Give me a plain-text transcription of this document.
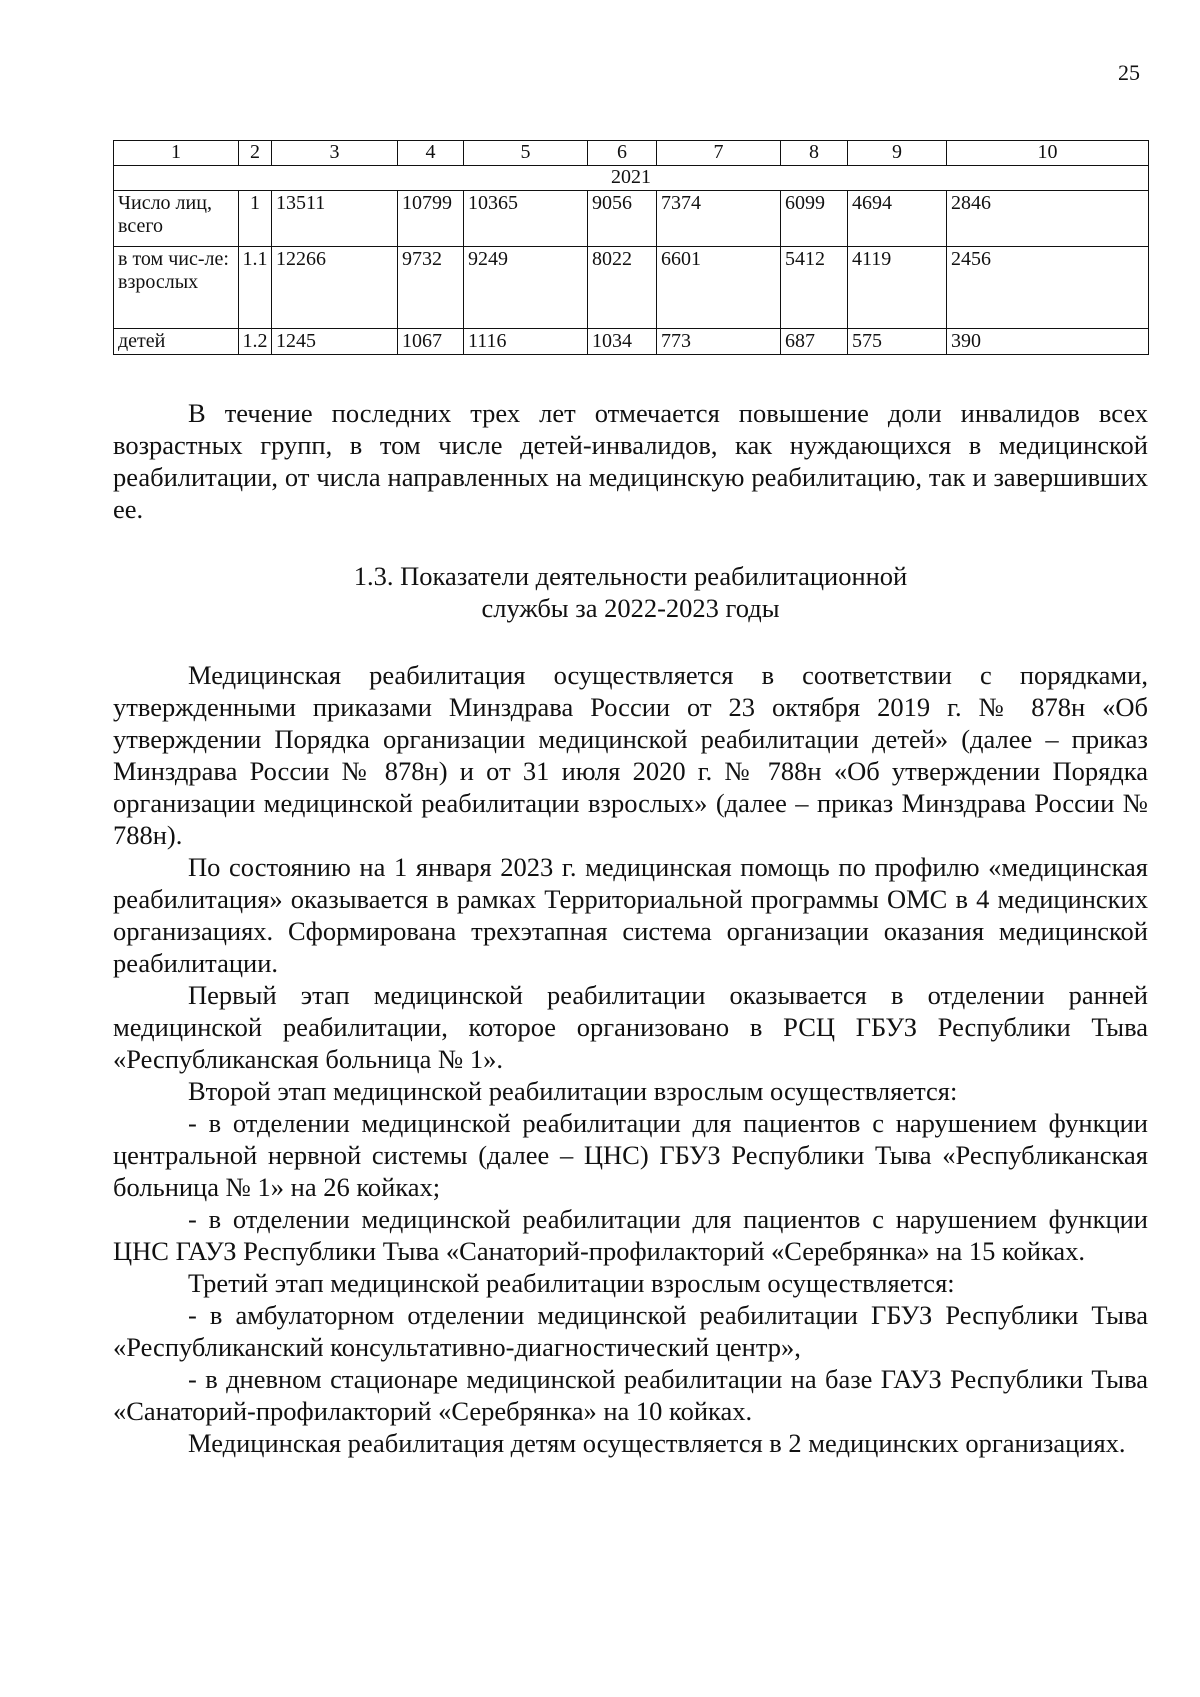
25
1	2	3	4	5	6	7	8	9	10
2021									
Число лиц, всего	1	13511	10799	10365	9056	7374	6099	4694	2846
в том чис-ле: взрослых	1.1	12266	9732	9249	8022	6601	5412	4119	2456
детей	1.2	1245	1067	1116	1034	773	687	575	390

В течение последних трех лет отмечается повышение доли инвалидов всех возрастных групп, в том числе детей-инвалидов, как нуждающихся в медицинской реабилитации, от числа направленных на медицинскую реабилитацию, так и завершивших ее.

1.3. Показатели деятельности реабилитационной
службы за 2022-2023 годы

Медицинская реабилитация осуществляется в соответствии с порядками, утвержденными приказами Минздрава России от 23 октября 2019 г. № 878н «Об утверждении Порядка организации медицинской реабилитации детей» (далее – приказ Минздрава России № 878н) и от 31 июля 2020 г. № 788н «Об утверждении Порядка организации медицинской реабилитации взрослых» (далее – приказ Минздрава России № 788н).

По состоянию на 1 января 2023 г. медицинская помощь по профилю «медицинская реабилитация» оказывается в рамках Территориальной программы ОМС в 4 медицинских организациях. Сформирована трехэтапная система организации оказания медицинской реабилитации.

Первый этап медицинской реабилитации оказывается в отделении ранней медицинской реабилитации, которое организовано в РСЦ ГБУЗ Республики Тыва «Республиканская больница № 1».

Второй этап медицинской реабилитации взрослым осуществляется:

- в отделении медицинской реабилитации для пациентов с нарушением функции центральной нервной системы (далее – ЦНС) ГБУЗ Республики Тыва «Республиканская больница № 1» на 26 койках;

- в отделении медицинской реабилитации для пациентов с нарушением функции ЦНС ГАУЗ Республики Тыва «Санаторий-профилакторий «Серебрянка» на 15 койках.

Третий этап медицинской реабилитации взрослым осуществляется:

- в амбулаторном отделении медицинской реабилитации ГБУЗ Республики Тыва «Республиканский консультативно-диагностический центр»,

- в дневном стационаре медицинской реабилитации на базе ГАУЗ Республики Тыва «Санаторий-профилакторий «Серебрянка» на 10 койках.

Медицинская реабилитация детям осуществляется в 2 медицинских организациях.
